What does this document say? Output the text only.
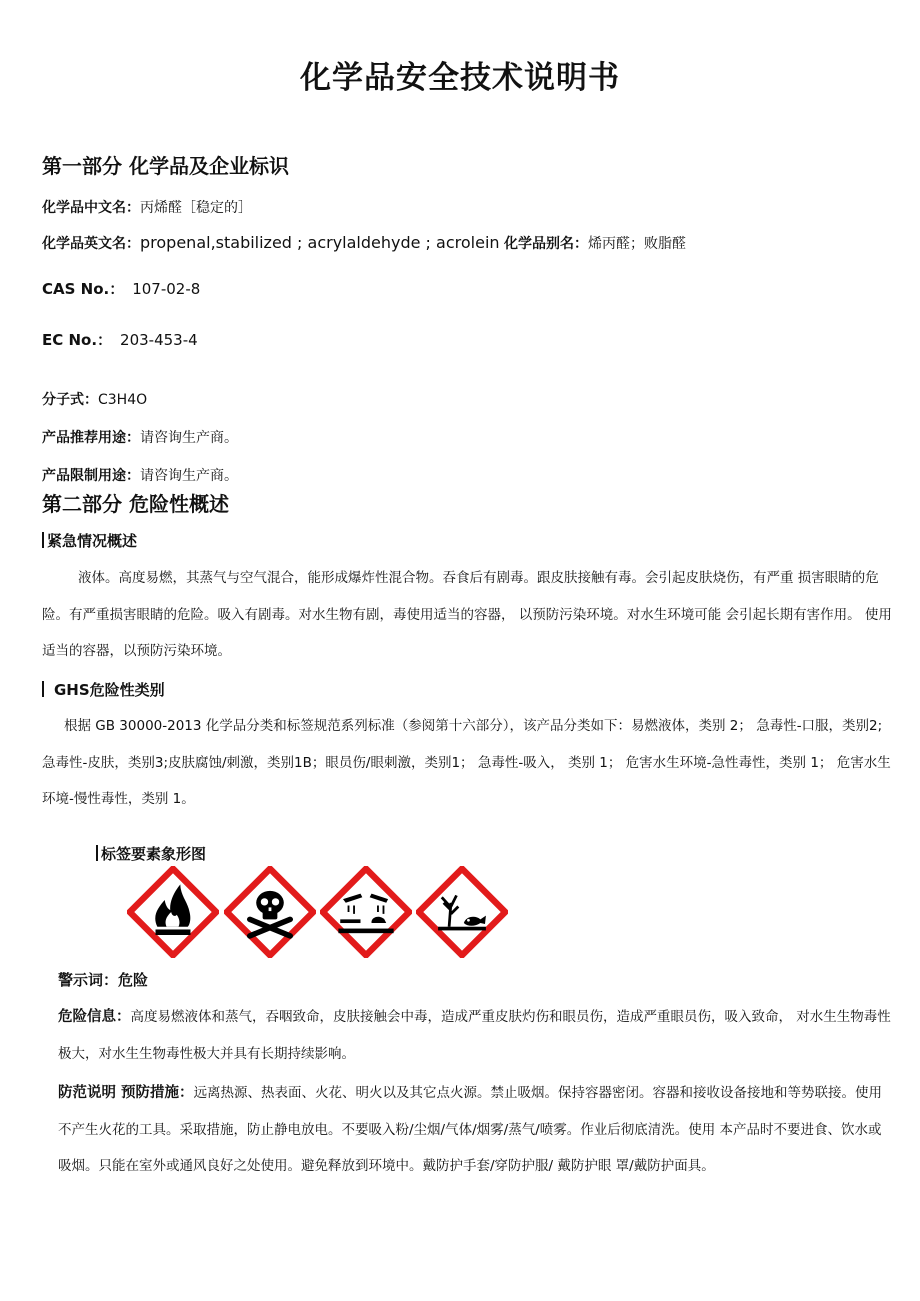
化学品安全技术说明书
第一部分 化学品及企业标识
化学品中文名：丙烯醛［稳定的］
化学品英文名：propenal,stabilized ; acrylaldehyde ; acrolein 化学品别名：烯丙醛；败脂醛
CAS No.： 107-02-8
EC No.： 203-453-4
分子式：C3H4O
产品推荐用途：请咨询生产商。
产品限制用途：请咨询生产商。
第二部分 危险性概述
紧急情况概述
液体。高度易燃，其蒸气与空气混合，能形成爆炸性混合物。吞食后有剧毒。跟皮肤接触有毒。会引起皮肤烧伤，有严重 损害眼睛的危险。有严重损害眼睛的危险。吸入有剧毒。对水生物有剧，毒使用适当的容器， 以预防污染环境。对水生环境可能 会引起长期有害作用。 使用适当的容器，以预防污染环境。
GHS危险性类别
根据 GB 30000-2013 化学品分类和标签规范系列标准（参阅第十六部分），该产品分类如下：易燃液体，类别 2； 急毒性-口服，类别2;急毒性-皮肤，类别3;皮肤腐蚀/刺激，类别1B；眼员伤/眼刺激，类别1； 急毒性-吸入， 类别 1； 危害水生环境-急性毒性，类别 1； 危害水生环境-慢性毒性，类别 1。
标签要素象形图
警示词：危险
危险信息：高度易燃液体和蒸气，吞咽致命，皮肤接触会中毒，造成严重皮肤灼伤和眼员伤，造成严重眼员伤，吸入致命， 对水生生物毒性极大，对水生生物毒性极大并具有长期持续影响。
防范说明 预防措施：远离热源、热表面、火花、明火以及其它点火源。禁止吸烟。保持容器密闭。容器和接收设备接地和等势联接。使用不产生火花的工具。采取措施，防止静电放电。不要吸入粉/尘烟/气体/烟雾/蒸气/喷雾。作业后彻底清洗。使用 本产品时不要进食、饮水或吸烟。只能在室外或通风良好之处使用。避免释放到环境中。戴防护手套/穿防护服/ 戴防护眼 罩/戴防护面具。
